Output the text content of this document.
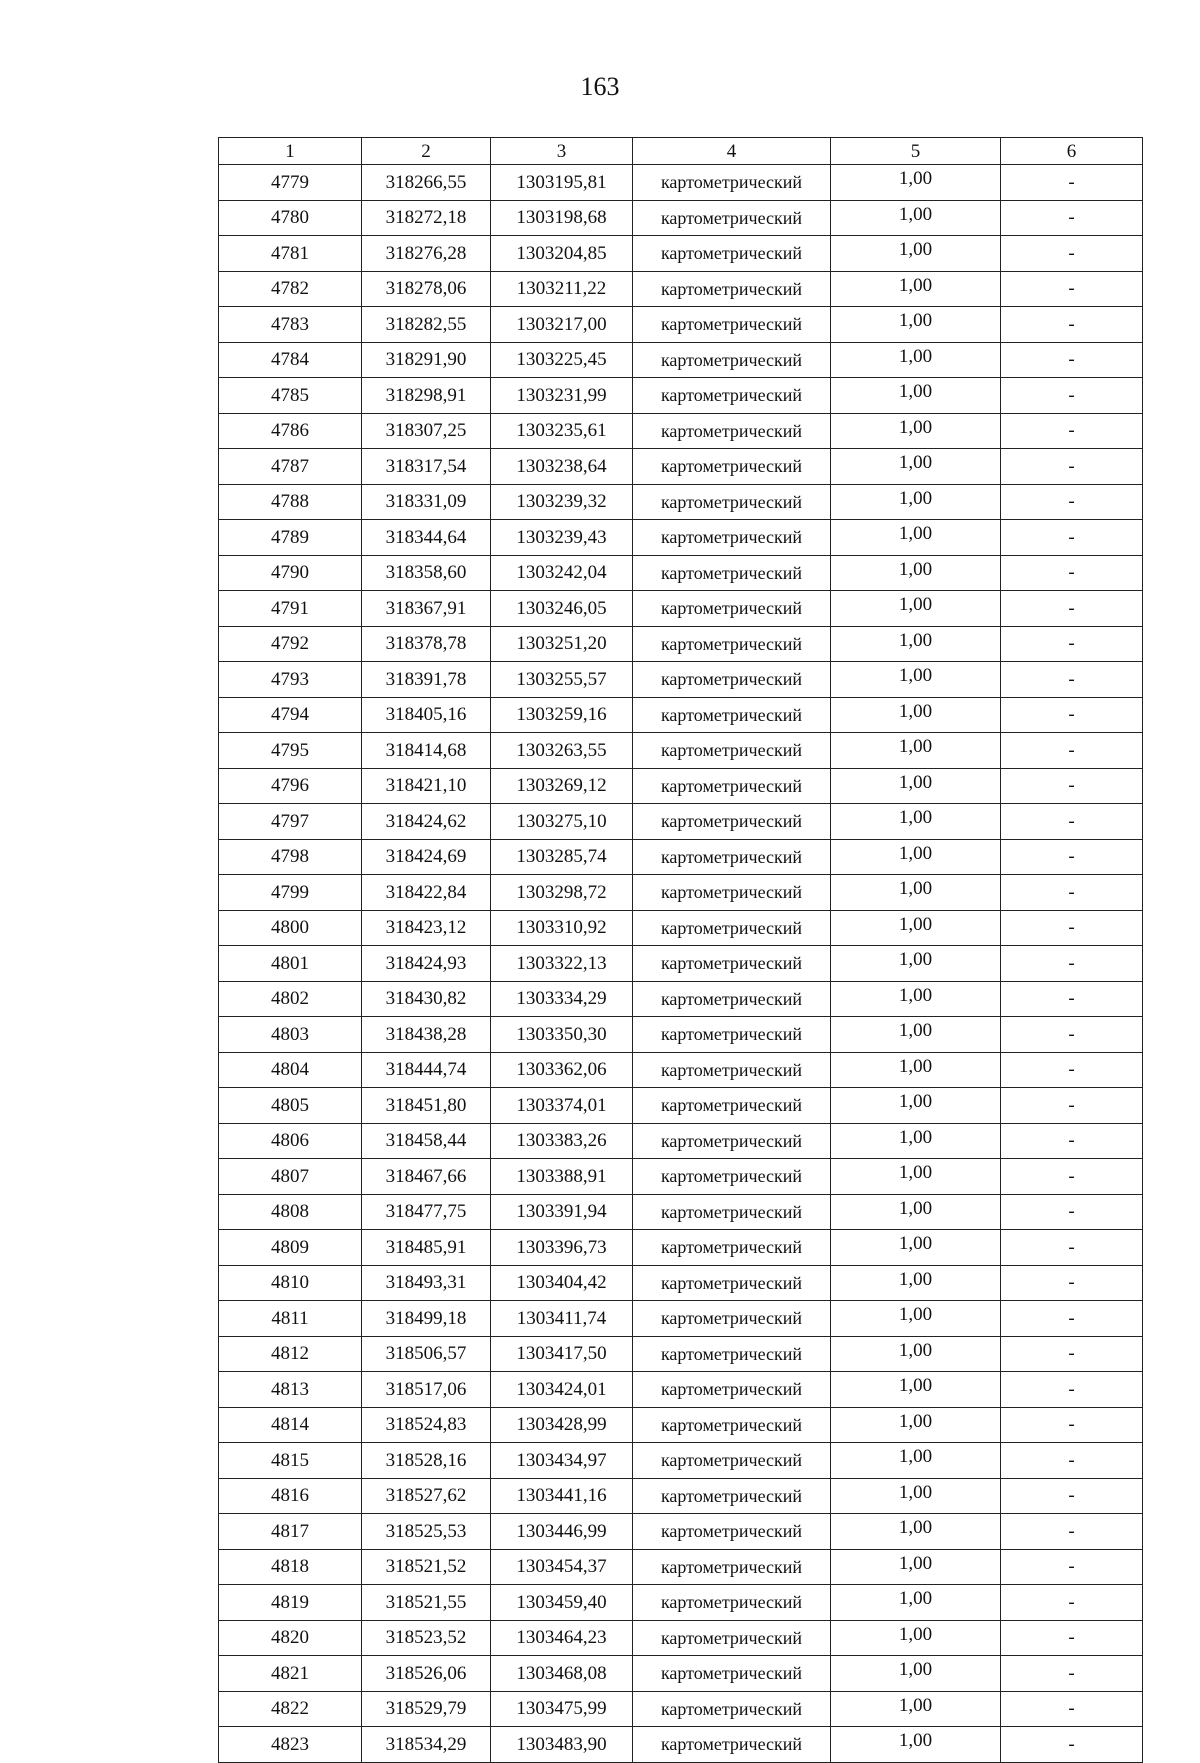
163
1	2	3	4	5	6
4779	318266,55	1303195,81	картометрический	1,00	-
4780	318272,18	1303198,68	картометрический	1,00	-
4781	318276,28	1303204,85	картометрический	1,00	-
4782	318278,06	1303211,22	картометрический	1,00	-
4783	318282,55	1303217,00	картометрический	1,00	-
4784	318291,90	1303225,45	картометрический	1,00	-
4785	318298,91	1303231,99	картометрический	1,00	-
4786	318307,25	1303235,61	картометрический	1,00	-
4787	318317,54	1303238,64	картометрический	1,00	-
4788	318331,09	1303239,32	картометрический	1,00	-
4789	318344,64	1303239,43	картометрический	1,00	-
4790	318358,60	1303242,04	картометрический	1,00	-
4791	318367,91	1303246,05	картометрический	1,00	-
4792	318378,78	1303251,20	картометрический	1,00	-
4793	318391,78	1303255,57	картометрический	1,00	-
4794	318405,16	1303259,16	картометрический	1,00	-
4795	318414,68	1303263,55	картометрический	1,00	-
4796	318421,10	1303269,12	картометрический	1,00	-
4797	318424,62	1303275,10	картометрический	1,00	-
4798	318424,69	1303285,74	картометрический	1,00	-
4799	318422,84	1303298,72	картометрический	1,00	-
4800	318423,12	1303310,92	картометрический	1,00	-
4801	318424,93	1303322,13	картометрический	1,00	-
4802	318430,82	1303334,29	картометрический	1,00	-
4803	318438,28	1303350,30	картометрический	1,00	-
4804	318444,74	1303362,06	картометрический	1,00	-
4805	318451,80	1303374,01	картометрический	1,00	-
4806	318458,44	1303383,26	картометрический	1,00	-
4807	318467,66	1303388,91	картометрический	1,00	-
4808	318477,75	1303391,94	картометрический	1,00	-
4809	318485,91	1303396,73	картометрический	1,00	-
4810	318493,31	1303404,42	картометрический	1,00	-
4811	318499,18	1303411,74	картометрический	1,00	-
4812	318506,57	1303417,50	картометрический	1,00	-
4813	318517,06	1303424,01	картометрический	1,00	-
4814	318524,83	1303428,99	картометрический	1,00	-
4815	318528,16	1303434,97	картометрический	1,00	-
4816	318527,62	1303441,16	картометрический	1,00	-
4817	318525,53	1303446,99	картометрический	1,00	-
4818	318521,52	1303454,37	картометрический	1,00	-
4819	318521,55	1303459,40	картометрический	1,00	-
4820	318523,52	1303464,23	картометрический	1,00	-
4821	318526,06	1303468,08	картометрический	1,00	-
4822	318529,79	1303475,99	картометрический	1,00	-
4823	318534,29	1303483,90	картометрический	1,00	-
